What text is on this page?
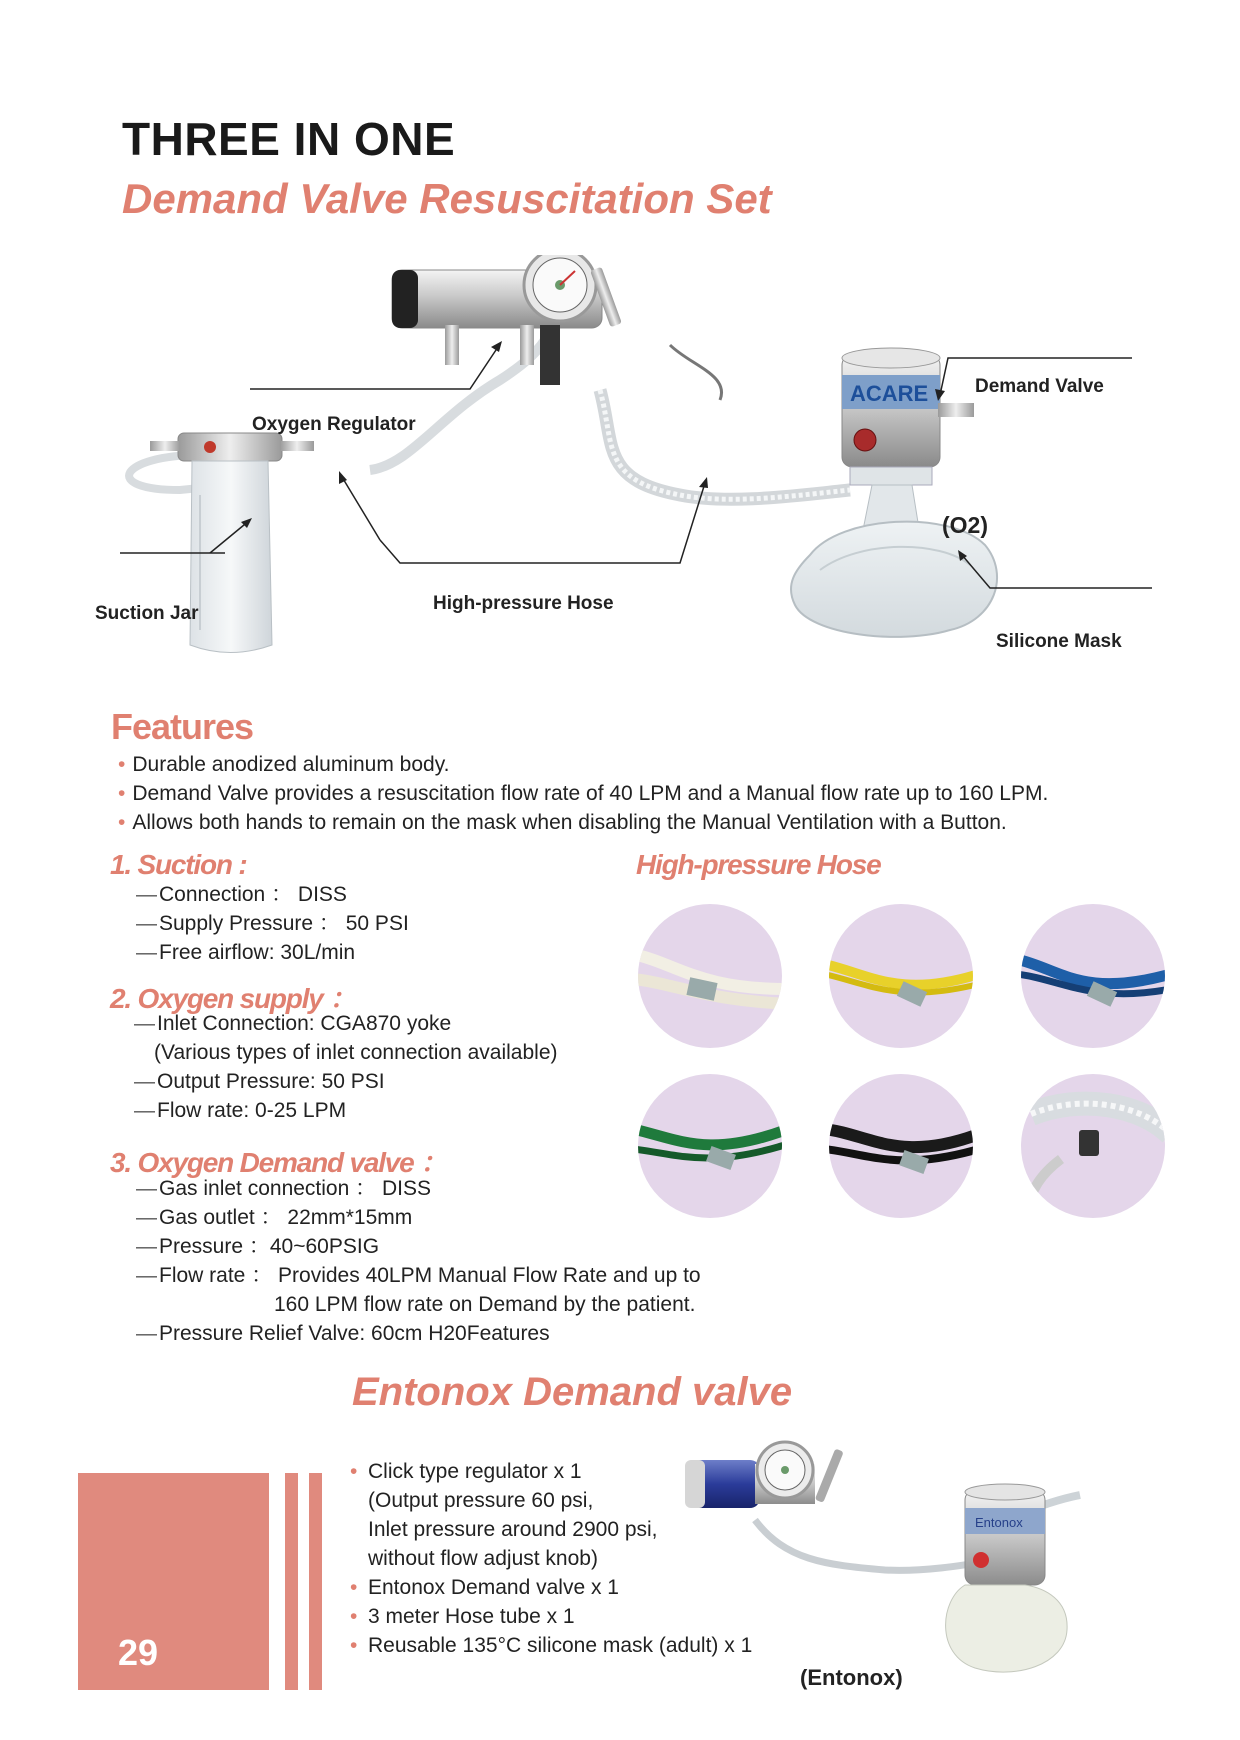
THREE IN ONE
Demand Valve Resuscitation Set
ACARE
Oxygen Regulator
Demand Valve
(O2)
Suction Jar	High-pressure Hose
Silicone Mask
Features
• Durable anodized aluminum body.
• Demand Valve provides a resuscitation flow rate of 40 LPM and a Manual flow rate up to 160 LPM.
• Allows both hands to remain on the mask when disabling the Manual Ventilation with a Button.
1. Suction :
— Connection ： DISS
— Supply Pressure ： 50 PSI
— Free airflow: 30L/min
2. Oxygen supply ：
— Inlet Connection: CGA870 yoke
(Various types of inlet connection available)
— Output Pressure: 50 PSI
— Flow rate: 0-25 LPM
3. Oxygen Demand valve ：
— Gas inlet connection ： DISS
— Gas outlet ： 22mm*15mm
— Pressure ：40~60PSIG
— Flow rate ： Provides 40LPM Manual Flow Rate and up to
160 LPM flow rate on Demand by the patient.
— Pressure Relief Valve: 60cm H20Features
High-pressure Hose
Entonox Demand valve
• Click type regulator x 1
(Output pressure 60 psi,
Inlet pressure around 2900 psi,
without flow adjust knob)
• Entonox Demand valve x 1
• 3 meter Hose tube x 1
• Reusable 135°C silicone mask (adult) x 1
Entonox
(Entonox)
29
